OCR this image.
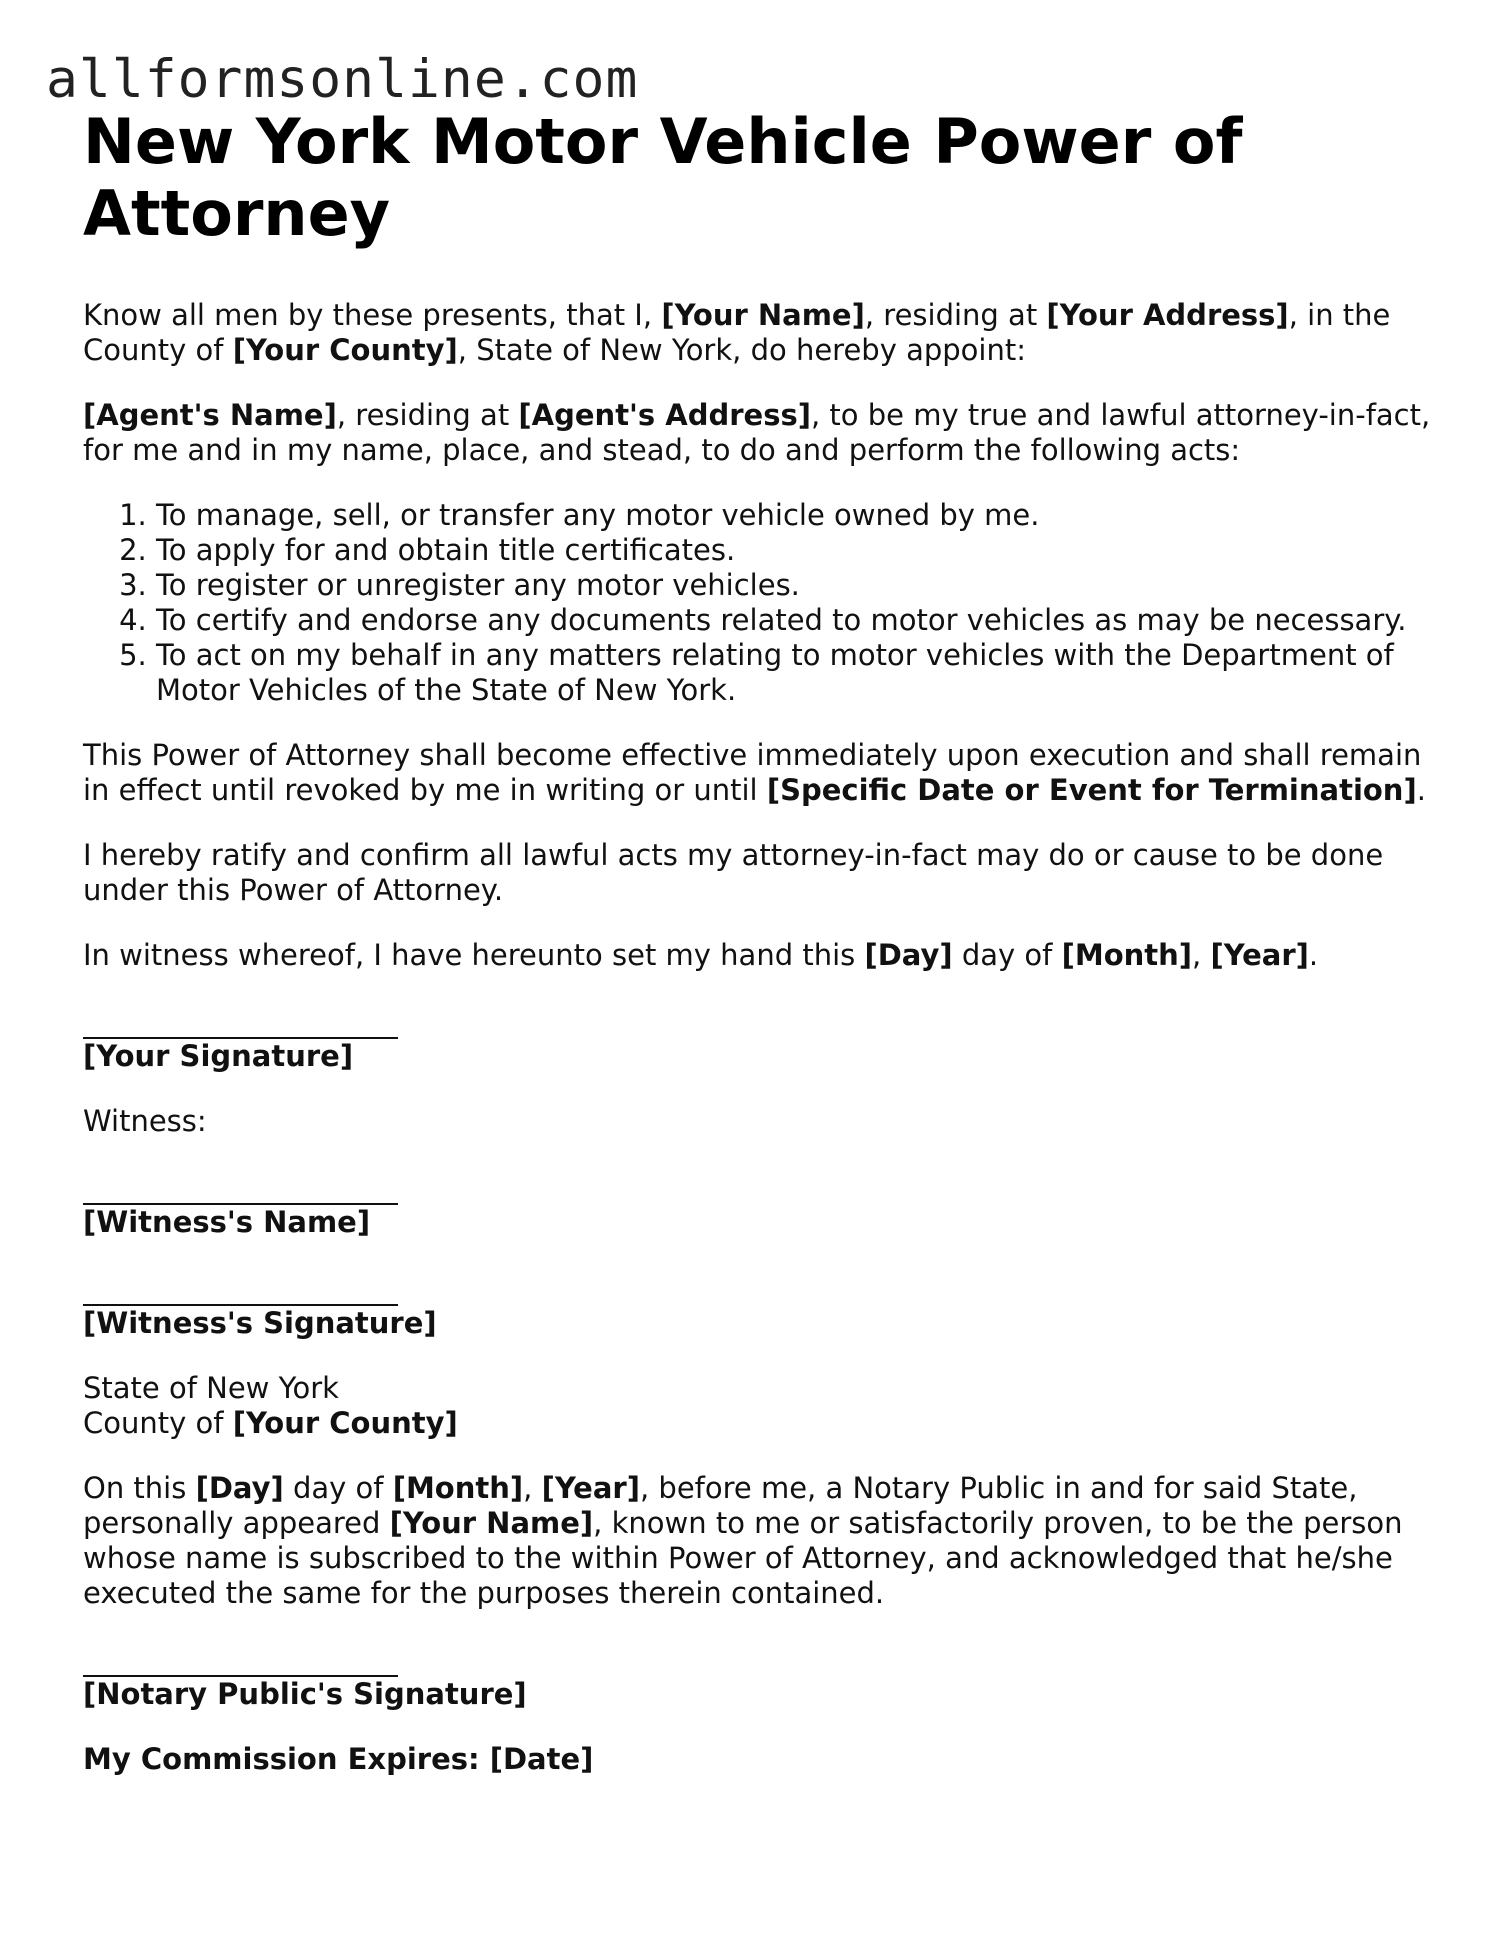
allformsonline.com
New York Motor Vehicle Power of Attorney

Know all men by these presents, that I, [Your Name], residing at [Your Address], in the County of [Your County], State of New York, do hereby appoint:

[Agent's Name], residing at [Agent's Address], to be my true and lawful attorney-in-fact, for me and in my name, place, and stead, to do and perform the following acts:

1. To manage, sell, or transfer any motor vehicle owned by me.
2. To apply for and obtain title certificates.
3. To register or unregister any motor vehicles.
4. To certify and endorse any documents related to motor vehicles as may be necessary.
5. To act on my behalf in any matters relating to motor vehicles with the Department of Motor Vehicles of the State of New York.

This Power of Attorney shall become effective immediately upon execution and shall remain in effect until revoked by me in writing or until [Specific Date or Event for Termination].

I hereby ratify and confirm all lawful acts my attorney-in-fact may do or cause to be done under this Power of Attorney.

In witness whereof, I have hereunto set my hand this [Day] day of [Month], [Year].

[Your Signature]

Witness:

[Witness's Name]
[Witness's Signature]

State of New York
County of [Your County]

On this [Day] day of [Month], [Year], before me, a Notary Public in and for said State, personally appeared [Your Name], known to me or satisfactorily proven, to be the person whose name is subscribed to the within Power of Attorney, and acknowledged that he/she executed the same for the purposes therein contained.

[Notary Public's Signature]

My Commission Expires: [Date]
